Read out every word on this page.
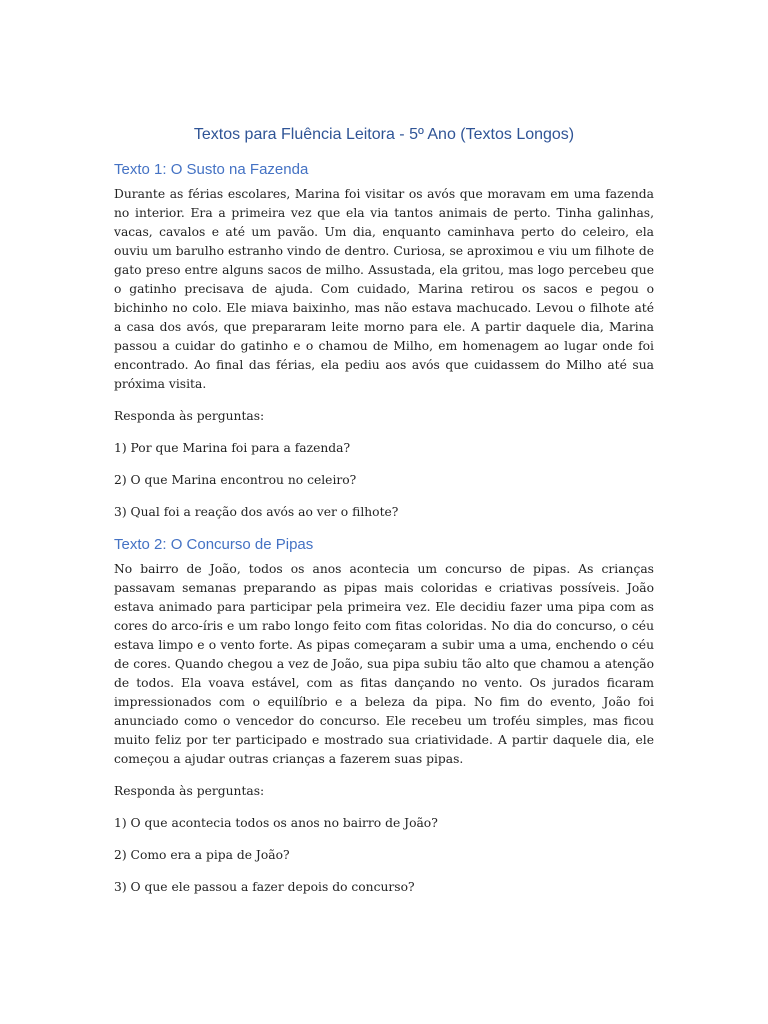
Textos para Fluência Leitora - 5º Ano (Textos Longos)
Texto 1: O Susto na Fazenda

Durante as férias escolares, Marina foi visitar os avós que moravam em uma fazenda no interior. Era a primeira vez que ela via tantos animais de perto. Tinha galinhas, vacas, cavalos e até um pavão. Um dia, enquanto caminhava perto do celeiro, ela ouviu um barulho estranho vindo de dentro. Curiosa, se aproximou e viu um filhote de gato preso entre alguns sacos de milho. Assustada, ela gritou, mas logo percebeu que o gatinho precisava de ajuda. Com cuidado, Marina retirou os sacos e pegou o bichinho no colo. Ele miava baixinho, mas não estava machucado. Levou o filhote até a casa dos avós, que prepararam leite morno para ele. A partir daquele dia, Marina passou a cuidar do gatinho e o chamou de Milho, em homenagem ao lugar onde foi encontrado. Ao final das férias, ela pediu aos avós que cuidassem do Milho até sua próxima visita.

Responda às perguntas:

1) Por que Marina foi para a fazenda?

2) O que Marina encontrou no celeiro?

3) Qual foi a reação dos avós ao ver o filhote?

Texto 2: O Concurso de Pipas

No bairro de João, todos os anos acontecia um concurso de pipas. As crianças passavam semanas preparando as pipas mais coloridas e criativas possíveis. João estava animado para participar pela primeira vez. Ele decidiu fazer uma pipa com as cores do arco-íris e um rabo longo feito com fitas coloridas. No dia do concurso, o céu estava limpo e o vento forte. As pipas começaram a subir uma a uma, enchendo o céu de cores. Quando chegou a vez de João, sua pipa subiu tão alto que chamou a atenção de todos. Ela voava estável, com as fitas dançando no vento. Os jurados ficaram impressionados com o equilíbrio e a beleza da pipa. No fim do evento, João foi anunciado como o vencedor do concurso. Ele recebeu um troféu simples, mas ficou muito feliz por ter participado e mostrado sua criatividade. A partir daquele dia, ele começou a ajudar outras crianças a fazerem suas pipas.

Responda às perguntas:

1) O que acontecia todos os anos no bairro de João?

2) Como era a pipa de João?

3) O que ele passou a fazer depois do concurso?
